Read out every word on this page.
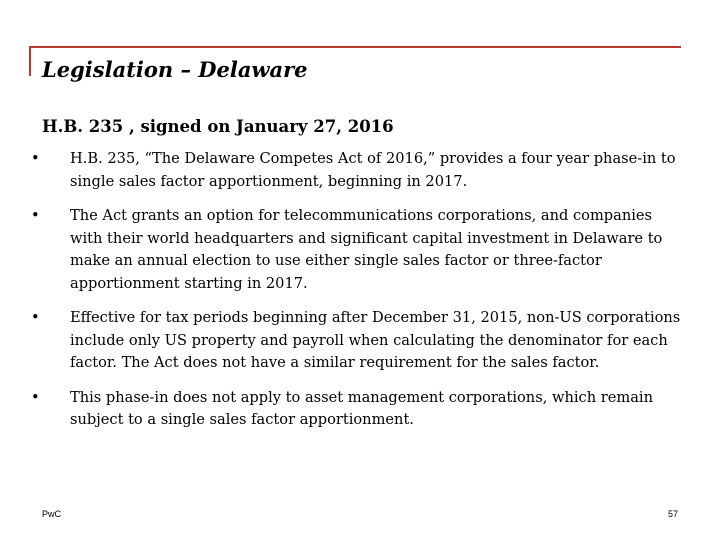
Legislation – Delaware
H.B. 235 , signed on January 27, 2016
• H.B. 235, “The Delaware Competes Act of 2016,” provides a four year phase-in to single sales factor apportionment, beginning in 2017.
• The Act grants an option for telecommunications corporations, and companies with their world headquarters and significant capital investment in Delaware to make an annual election to use either single sales factor or three-factor apportionment starting in 2017.
• Effective for tax periods beginning after December 31, 2015, non-US corporations include only US property and payroll when calculating the denominator for each factor. The Act does not have a similar requirement for the sales factor.
• This phase-in does not apply to asset management corporations, which remain subject to a single sales factor apportionment.
PwC	57
